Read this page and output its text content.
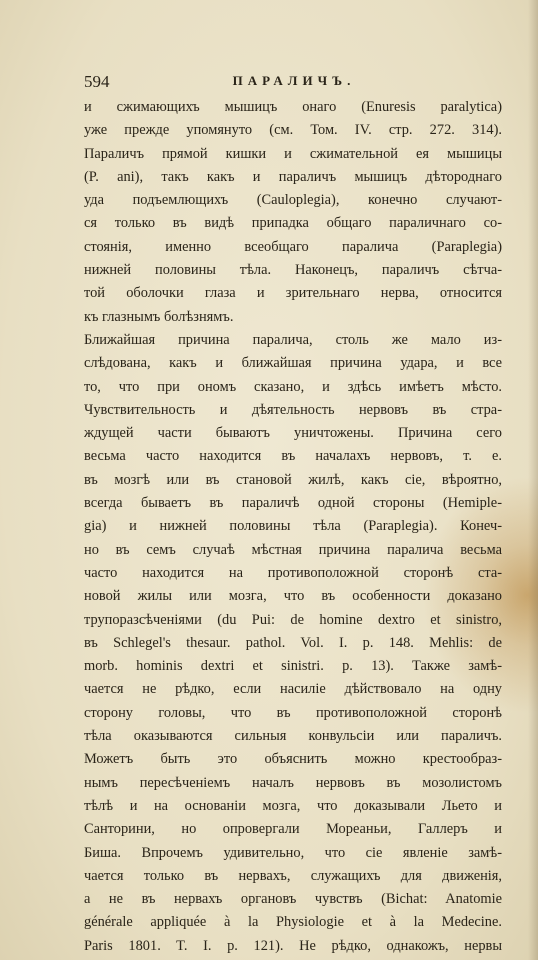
594	ПАРАЛИЧЪ.
и сжимающихъ мышицъ онаго (Enuresis paralytica)
уже прежде упомянуто (см. Том. IV. стр. 272. 314).
Параличъ прямой кишки и сжимательной ея мышицы
(P. ani), такъ какъ и параличъ мышицъ дѣтороднаго
уда подъемлющихъ (Cauloplegia), конечно случают-
ся только въ видѣ припадка общаго параличнаго со-
стоянія, именно всеобщаго паралича (Paraplegia)
нижней половины тѣла. Наконецъ, параличъ сѣтча-
той оболочки глаза и зрительнаго нерва, относится
къ глазнымъ болѣзнямъ.
Ближайшая причина паралича, столь же мало из-
слѣдована, какъ и ближайшая причина удара, и все
то, что при ономъ сказано, и здѣсь имѣетъ мѣсто.
Чувствительность и дѣятельность нервовъ въ стра-
ждущей части бываютъ уничтожены. Причина сего
весьма часто находится въ началахъ нервовъ, т. е.
въ мозгѣ или въ становой жилѣ, какъ сіе, вѣроятно,
всегда бываетъ въ параличѣ одной стороны (Hemiple-
gia) и нижней половины тѣла (Paraplegia). Конеч-
но въ семъ случаѣ мѣстная причина паралича весьма
часто находится на противоположной сторонѣ ста-
новой жилы или мозга, что въ особенности доказано
трупоразсѣченіями (du Pui: de homine dextro et sinistro,
въ Schlegel's thesaur. pathol. Vol. I. p. 148. Mehlis: de
morb. hominis dextri et sinistri. p. 13). Также замѣ-
чается не рѣдко, если насиліе дѣйствовало на одну
сторону головы, что въ противоположной сторонѣ
тѣла оказываются сильныя конвульсіи или параличъ.
Можетъ быть это объяснить можно крестообраз-
нымъ пересѣченіемъ началъ нервовъ въ мозолистомъ
тѣлѣ и на основаніи мозга, что доказывали Льето и
Санторини, но опровергали Мореаньи, Галлеръ и
Биша. Впрочемъ удивительно, что сіе явленіе замѣ-
чается только въ нервахъ, служащихъ для движенія,
а не въ нервахъ органовъ чувствъ (Bichat: Anatomie
générale appliquée à la Physiologie et à la Medecine.
Paris 1801. T. I. p. 121). Не рѣдко, однакожъ, нервы
